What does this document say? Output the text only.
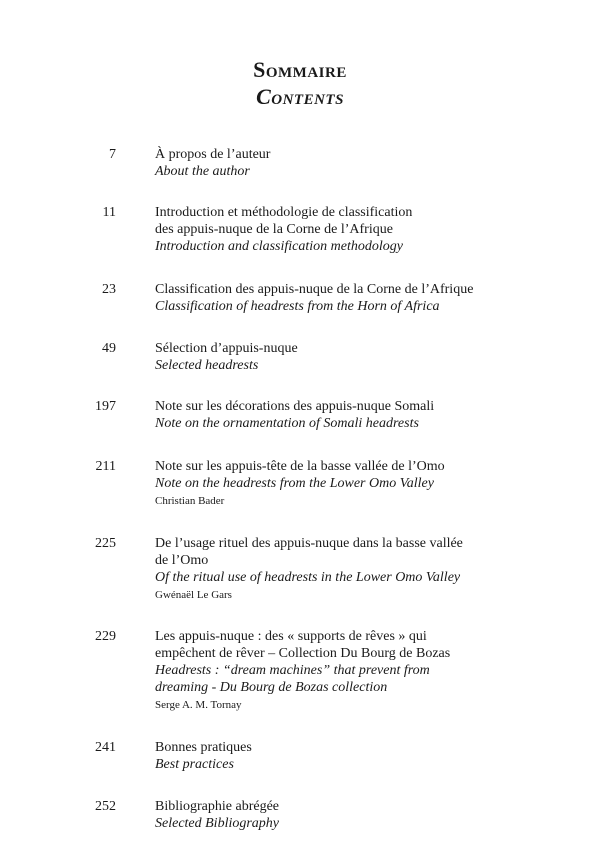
Sommaire
Contents
7	À propos de l’auteur
About the author
11	Introduction et méthodologie de classification
des appuis-nuque de la Corne de l’Afrique
Introduction and classification methodology
23	Classification des appuis-nuque de la Corne de l’Afrique
Classification of headrests from the Horn of Africa
49	Sélection d’appuis-nuque
Selected headrests
197	Note sur les décorations des appuis-nuque Somali
Note on the ornamentation of Somali headrests
211	Note sur les appuis-tête de la basse vallée de l’Omo
Note on the headrests from the Lower Omo Valley
Christian Bader
225	De l’usage rituel des appuis-nuque dans la basse vallée
de l’Omo
Of the ritual use of headrests in the Lower Omo Valley
Gwénaël Le Gars
229	Les appuis-nuque : des « supports de rêves » qui
empêchent de rêver – Collection Du Bourg de Bozas
Headrests : “dream machines” that prevent from
dreaming - Du Bourg de Bozas collection
Serge A. M. Tornay
241	Bonnes pratiques
Best practices
252	Bibliographie abrégée
Selected Bibliography
